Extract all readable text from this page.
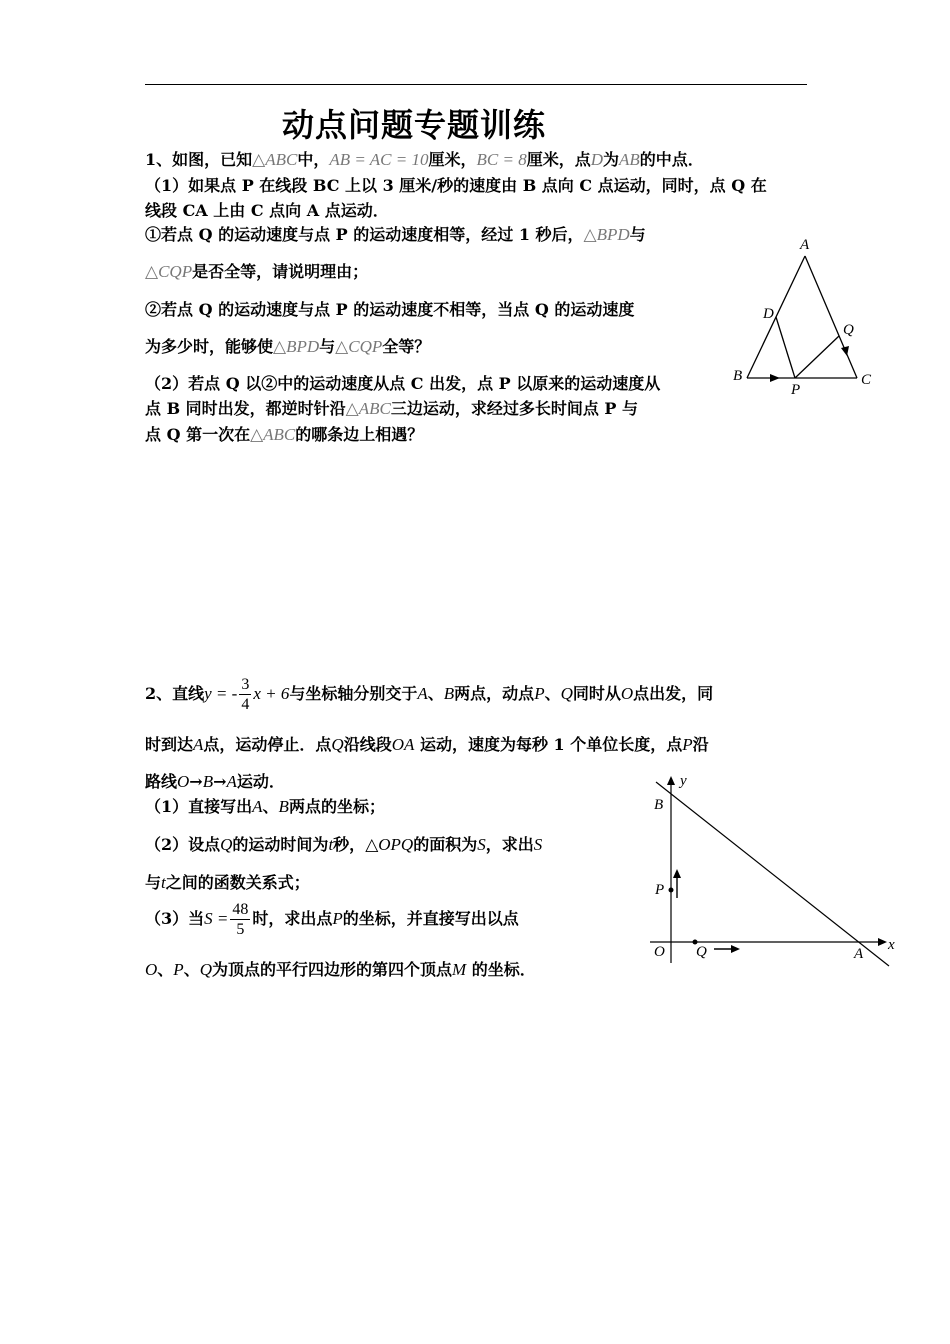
动点问题专题训练
1、如图，已知△ABC中，AB = AC = 10厘米，BC = 8厘米，点D为AB的中点．
（1）如果点 P 在线段 BC 上以 3 厘米/秒的速度由 B 点向 C 点运动，同时，点 Q 在
线段 CA 上由 C 点向 A 点运动．
①若点 Q 的运动速度与点 P 的运动速度相等，经过 1 秒后，△BPD与
△CQP是否全等，请说明理由；
②若点 Q 的运动速度与点 P 的运动速度不相等，当点 Q 的运动速度
为多少时，能够使△BPD与△CQP全等？
（2）若点 Q 以②中的运动速度从点 C 出发，点 P 以原来的运动速度从
点 B 同时出发，都逆时针沿△ABC三边运动，求经过多长时间点 P 与
点 Q 第一次在△ABC的哪条边上相遇？
A
B	C
D
P
Q
2、直线y = - $\frac{3}{4}$ x + 6与坐标轴分别交于A、B两点，动点P、Q同时从O点出发，同
时到达A点，运动停止．点Q沿线段OA 运动，速度为每秒 1 个单位长度，点P沿
路线O→B→A运动．
（1）直接写出A、B两点的坐标；
（2）设点Q的运动时间为t秒，△OPQ的面积为S，求出S
与t之间的函数关系式；
（3）当$S = \frac{48}{5}$ 时，求出点P的坐标，并直接写出以点
O、P、Q为顶点的平行四边形的第四个顶点M 的坐标．
y
x
B
P
O Q	A
